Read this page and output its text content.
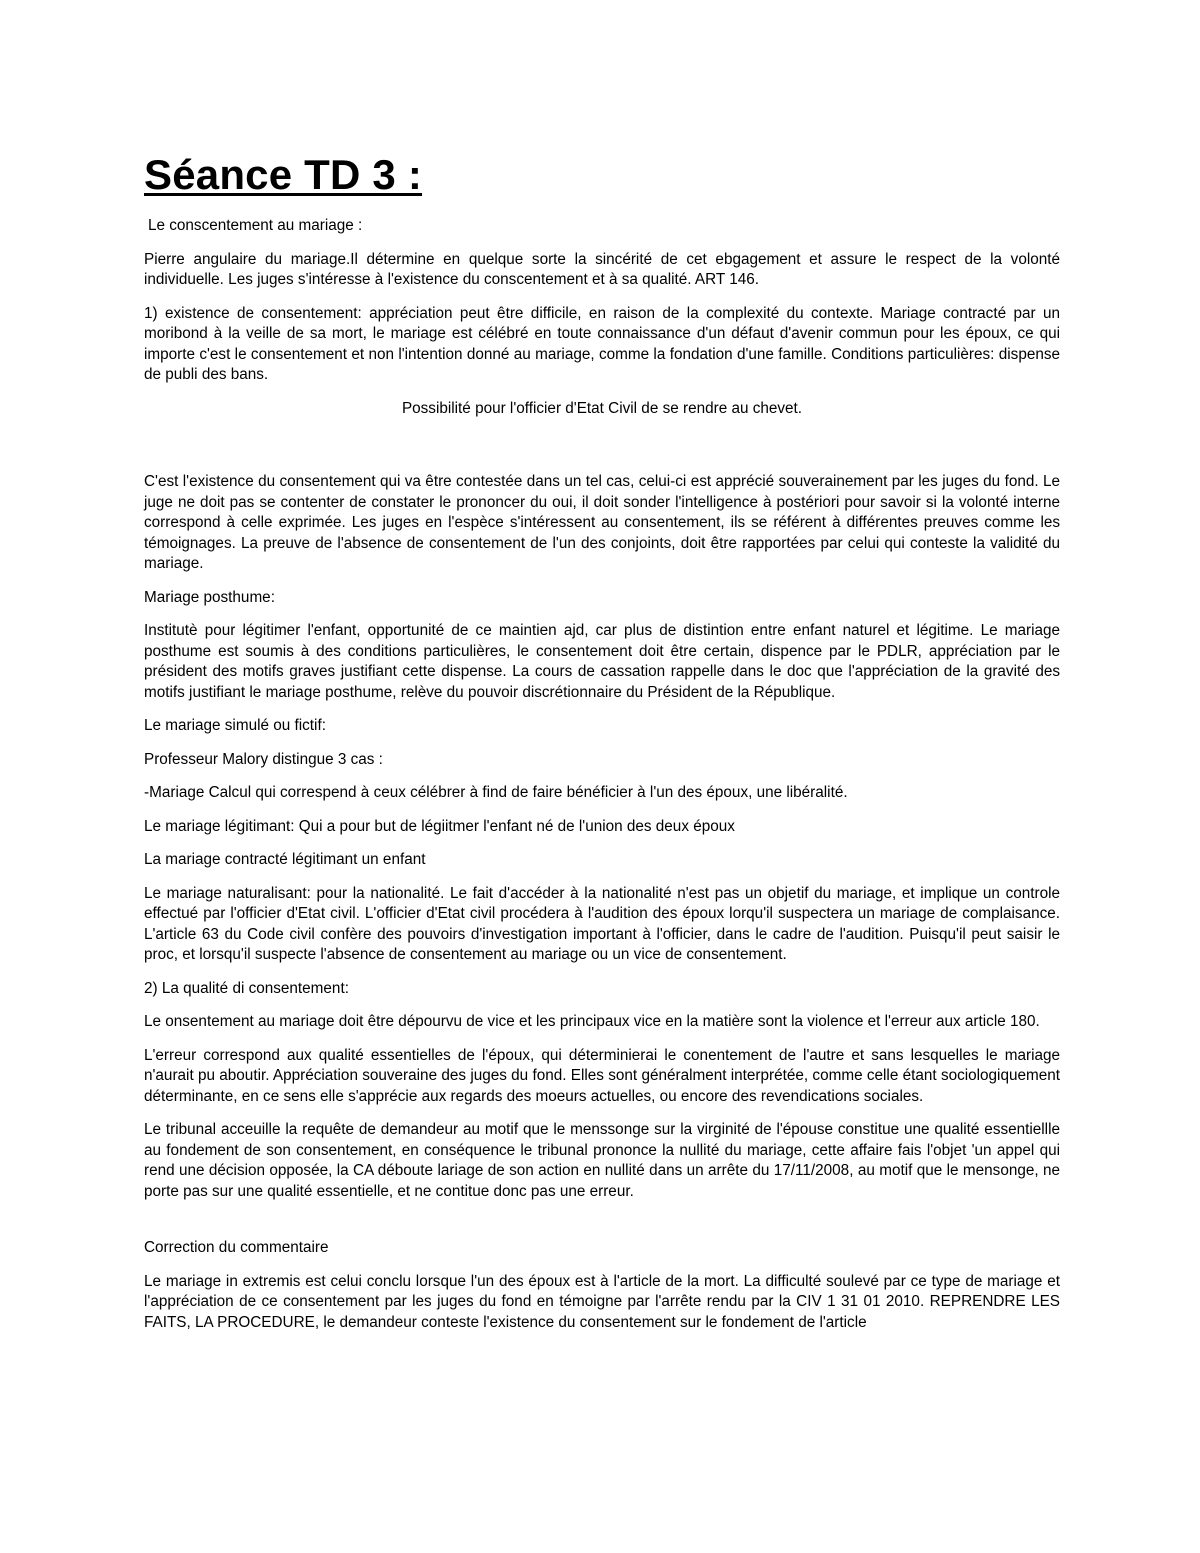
Séance TD 3 :

Le conscentement au mariage :

Pierre angulaire du mariage.Il détermine en quelque sorte la sincérité de cet ebgagement et assure le respect de la volonté individuelle. Les juges s'intéresse à l'existence du conscentement et à sa qualité. ART 146.

1) existence de consentement: appréciation peut être difficile, en raison de la complexité du contexte. Mariage contracté par un moribond à la veille de sa mort, le mariage est célébré en toute connaissance d'un défaut d'avenir commun pour les époux, ce qui importe c'est le consentement et non l'intention donné au mariage, comme la fondation d'une famille. Conditions particulières: dispense de publi des bans.

Possibilité pour l'officier d'Etat Civil de se rendre au chevet.

C'est l'existence du consentement qui va être contestée dans un tel cas, celui-ci est apprécié souverainement par les juges du fond. Le juge ne doit pas se contenter de constater le prononcer du oui, il doit sonder l'intelligence à postériori pour savoir si la volonté interne correspond à celle exprimée. Les juges en l'espèce s'intéressent au consentement, ils se référent à différentes preuves comme les témoignages. La preuve de l'absence de consentement de l'un des conjoints, doit être rapportées par celui qui conteste la validité du mariage.

Mariage posthume:

Institutè pour légitimer l'enfant, opportunité de ce maintien ajd, car plus de distintion entre enfant naturel et légitime. Le mariage posthume est soumis à des conditions particulières, le consentement doit être certain, dispence par le PDLR, appréciation par le président des motifs graves justifiant cette dispense. La cours de cassation rappelle dans le doc que l'appréciation de la gravité des motifs justifiant le mariage posthume, relève du pouvoir discrétionnaire du Président de la République.

Le mariage simulé ou fictif:

Professeur Malory distingue 3 cas :

-Mariage Calcul qui correspend à ceux célébrer à find de faire bénéficier à l'un des époux, une libéralité.

Le mariage légitimant: Qui a pour but de légiitmer l'enfant né de l'union des deux époux

La mariage contracté légitimant un enfant

Le mariage naturalisant: pour la nationalité. Le fait d'accéder à la nationalité n'est pas un objetif du mariage, et implique un controle effectué par l'officier d'Etat civil. L'officier d'Etat civil procédera à l'audition des époux lorqu'il suspectera un mariage de complaisance. L'article 63 du Code civil confère des pouvoirs d'investigation important à l'officier, dans le cadre de l'audition. Puisqu'il peut saisir le proc, et lorsqu'il suspecte l'absence de consentement au mariage ou un vice de consentement.

2) La qualité di consentement:

Le onsentement au mariage doit être dépourvu de vice et les principaux vice en la matière sont la violence et l'erreur aux article 180.

L'erreur correspond aux qualité essentielles de l'époux, qui déterminierai le conentement de l'autre et sans lesquelles le mariage n'aurait pu aboutir. Appréciation souveraine des juges du fond. Elles sont généralment interprétée, comme celle étant sociologiquement déterminante, en ce sens elle s'apprécie aux regards des moeurs actuelles, ou encore des revendications sociales.

Le tribunal acceuille la requête de demandeur au motif que le menssonge sur la virginité de l'épouse constitue une qualité essentiellle au fondement de son consentement, en conséquence le tribunal prononce la nullité du mariage, cette affaire fais l'objet 'un appel qui rend une décision opposée, la CA déboute lariage de son action en nullité dans un arrête du 17/11/2008, au motif que le mensonge, ne porte pas sur une qualité essentielle, et ne contitue donc pas une erreur.

Correction du commentaire

Le mariage in extremis est celui conclu lorsque l'un des époux est à l'article de la mort. La difficulté soulevé par ce type de mariage et l'appréciation de ce consentement par les juges du fond en témoigne par l'arrête rendu par la CIV 1 31 01 2010. REPRENDRE LES FAITS, LA PROCEDURE, le demandeur conteste l'existence du consentement sur le fondement de l'article
